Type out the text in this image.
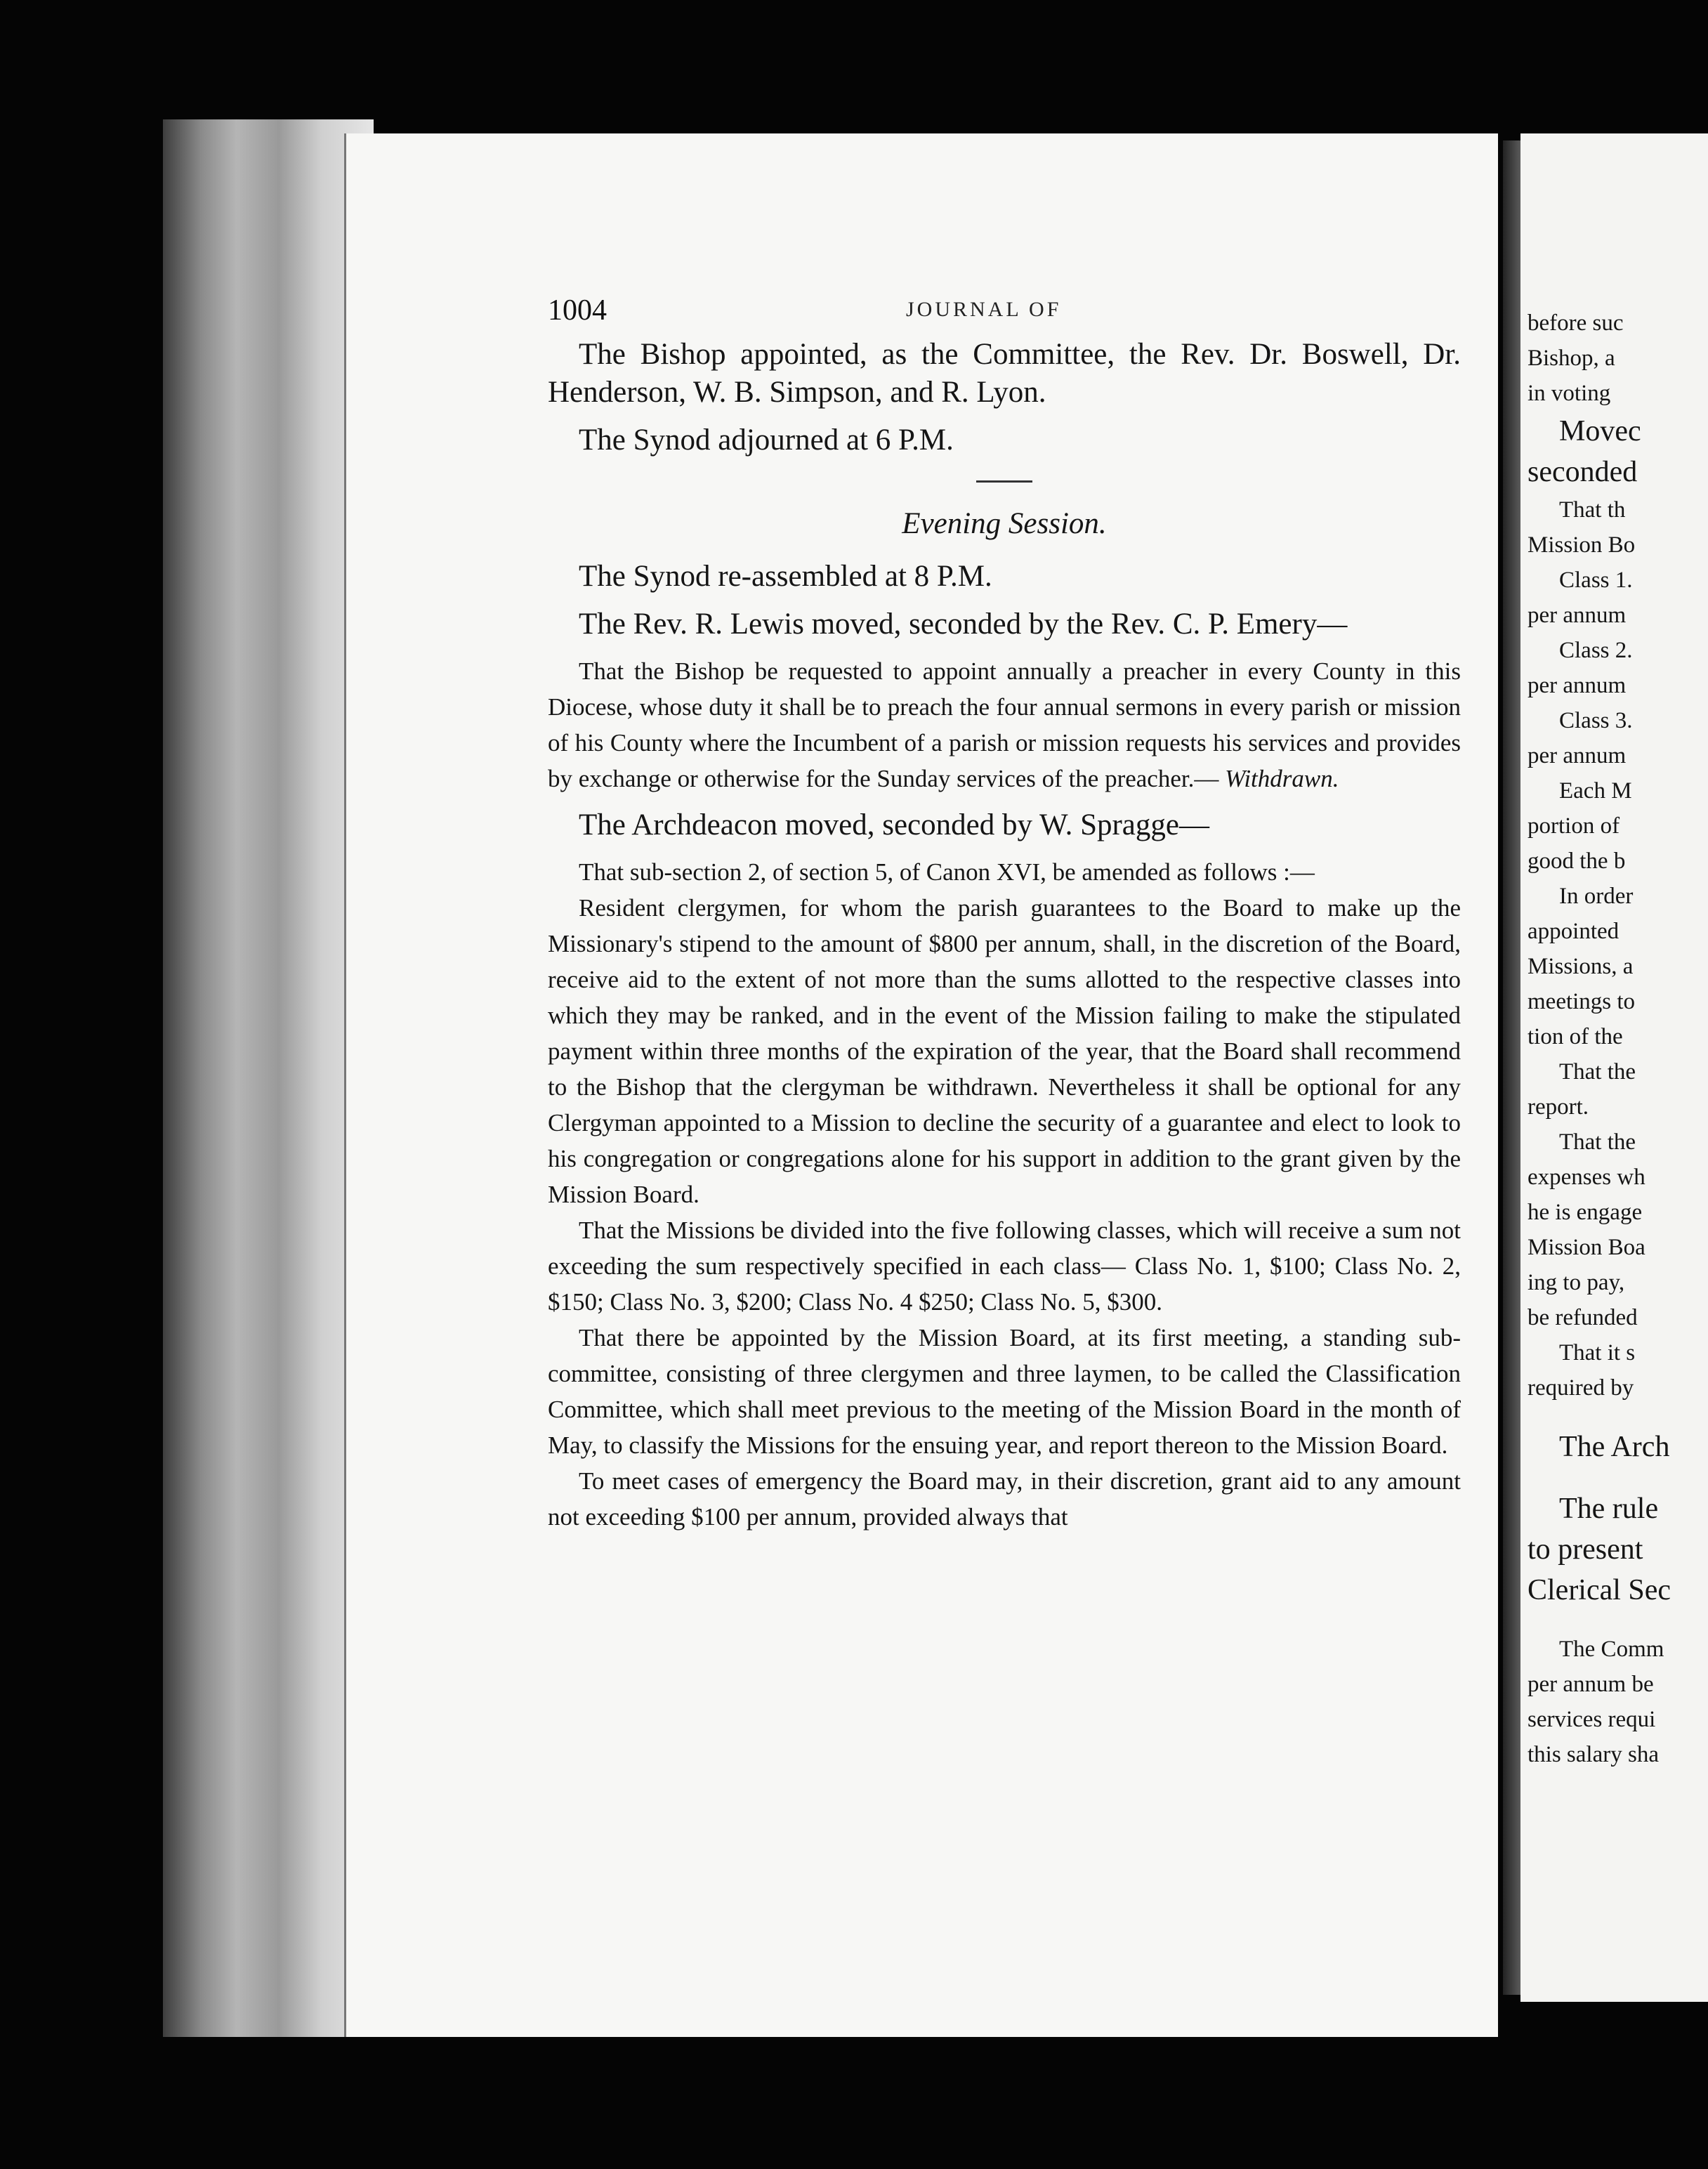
before suc
Bishop, a
in voting
Movec
seconded
That th
Mission Bo
Class 1.
per annum
Class 2.
per annum
Class 3.
per annum
Each M
portion of
good the b
In order
appointed
Missions, a
meetings to
tion of the
That the
report.
That the
expenses wh
he is engage
Mission Boa
ing to pay,
be refunded
That it s
required by
The Arch
The rule
to present
Clerical Sec
The Comm
per annum be
services requi
this salary sha
1004	JOURNAL OF

The Bishop appointed, as the Committee, the Rev. Dr. Boswell, Dr. Henderson, W. B. Simpson, and R. Lyon.

The Synod adjourned at 6 P.M.

Evening Session.

The Synod re-assembled at 8 P.M.

The Rev. R. Lewis moved, seconded by the Rev. C. P. Emery—

That the Bishop be requested to appoint annually a preacher in every County in this Diocese, whose duty it shall be to preach the four annual sermons in every parish or mission of his County where the Incumbent of a parish or mission requests his services and provides by exchange or otherwise for the Sunday services of the preacher.— Withdrawn.

The Archdeacon moved, seconded by W. Spragge—

That sub-section 2, of section 5, of Canon XVI, be amended as follows :—

Resident clergymen, for whom the parish guarantees to the Board to make up the Missionary's stipend to the amount of $800 per annum, shall, in the discretion of the Board, receive aid to the extent of not more than the sums allotted to the respective classes into which they may be ranked, and in the event of the Mission failing to make the stipulated payment within three months of the expiration of the year, that the Board shall recommend to the Bishop that the clergyman be withdrawn. Nevertheless it shall be optional for any Clergyman appointed to a Mission to decline the security of a guarantee and elect to look to his congregation or congregations alone for his support in addition to the grant given by the Mission Board.

That the Missions be divided into the five following classes, which will receive a sum not exceeding the sum respectively specified in each class— Class No. 1, $100; Class No. 2, $150; Class No. 3, $200; Class No. 4 $250; Class No. 5, $300.

That there be appointed by the Mission Board, at its first meeting, a standing sub-committee, consisting of three clergymen and three laymen, to be called the Classification Committee, which shall meet previous to the meeting of the Mission Board in the month of May, to classify the Missions for the ensuing year, and report thereon to the Mission Board.

To meet cases of emergency the Board may, in their discretion, grant aid to any amount not exceeding $100 per annum, provided always that
